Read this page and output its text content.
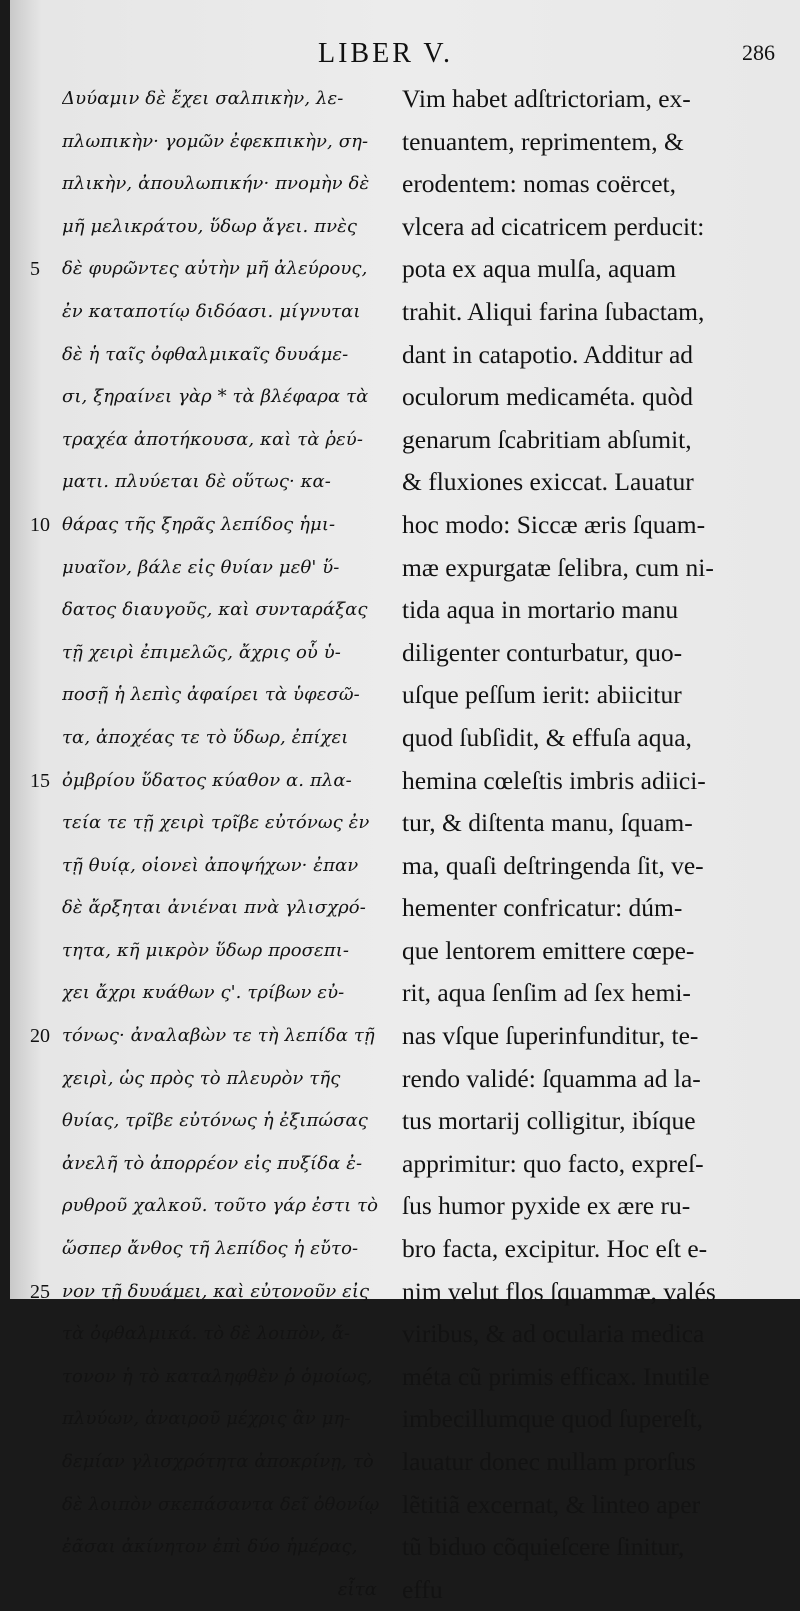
LIBER V.	286
5
10
15
20
25
Δυύαμιν δὲ ἔχει σαλπικὴν, λε-
πλωπικὴν· γομῶν ἐφεκπικὴν, ση-
πλικὴν, ἀπουλωπικήν· πνομὴν δὲ
μῆ μελικράτου, ὕδωρ ἄγει. πνὲς
δὲ φυρῶντες αὐτὴν μῆ ἀλεύρους,
ἐν καταποτίῳ διδόασι. μίγνυται
δὲ ἡ ταῖς ὀφθαλμικαῖς δυυάμε-
σι, ξηραίνει γὰρ * τὰ βλέφαρα τὰ
τραχέα ἀποτήκουσα, καὶ τὰ ῥεύ-
ματι. πλυύεται δὲ οὕτως· κα-
θάρας τῆς ξηρᾶς λεπίδος ἡμι-
μυαῖον, βάλε εἰς θυίαν μεθ' ὕ-
δατος διαυγοῦς, καὶ συνταράξας
τῇ χειρὶ ἐπιμελῶς, ἄχρις οὗ ὑ-
ποσῇ ἡ λεπὶς ἀφαίρει τὰ ὑφεσῶ-
τα, ἀποχέας τε τὸ ὕδωρ, ἐπίχει
ὀμβρίου ὕδατος κύαθον α. πλα-
τεία τε τῇ χειρὶ τρῖβε εὐτόνως ἐν
τῇ θυίᾳ, οἱονεὶ ἀποψήχων· ἐπαν
δὲ ἄρξηται ἀνιέναι πνὰ γλισχρό-
τητα, κῆ μικρὸν ὕδωρ προσεπι-
χει ἄχρι κυάθων ς'. τρίβων εὐ-
τόνως· ἀναλαβὼν τε τὴ λεπίδα τῇ
χειρὶ, ὡς πρὸς τὸ πλευρὸν τῆς
θυίας, τρῖβε εὐτόνως ἡ ἐξιπώσας
ἀνελῆ τὸ ἀπορρέον εἰς πυξίδα ἐ-
ρυθροῦ χαλκοῦ. τοῦτο γάρ ἐστι τὸ
ὥσπερ ἄνθος τῆ λεπίδος ἡ εὔτο-
νον τῇ δυυάμει, καὶ εὐτονοῦν εἰς
τὰ ὀφθαλμικά. τὸ δὲ λοιπὸν, ἄ-
τονον ἡ τὸ καταληφθὲν ῥ ὁμοίως,
πλυύων, ἀναιροῦ μέχρις ἂν μη-
δεμίαν γλισχρότητα ἀποκρίνῃ, τὸ
δὲ λοιπὸν σκεπάσαντα δεῖ ὀθονίῳ
ἐᾶσαι ἀκίνητον ἐπὶ δύο ἡμέρας,
εἶτα
Vim habet adſtrictoriam, ex-
tenuantem, reprimentem, &
erodentem: nomas coërcet,
vlcera ad cicatricem perducit:
pota ex aqua mulſa, aquam
trahit. Aliqui farina ſubactam,
dant in catapotio. Additur ad
oculorum medicaméta. quòd
genarum ſcabritiam abſumit,
& fluxiones exiccat. Lauatur
hoc modo: Siccæ æris ſquam-
mæ expurgatæ ſelibra, cum ni-
tida aqua in mortario manu
diligenter conturbatur, quo-
uſque peſſum ierit: abiicitur
quod ſubſidit, & effuſa aqua,
hemina cœleſtis imbris adiici-
tur, & diſtenta manu, ſquam-
ma, quaſi deſtringenda ſit, ve-
hementer confricatur: dúm-
que lentorem emittere cœpe-
rit, aqua ſenſim ad ſex hemi-
nas vſque ſuperinfunditur, te-
rendo validé: ſquamma ad la-
tus mortarij colligitur, ibíque
apprimitur: quo facto, expreſ-
ſus humor pyxide ex ære ru-
bro facta, excipitur. Hoc eſt e-
nim velut flos ſquammæ, valés
viribus, & ad ocularia medica
méta cũ primis efficax. Inutile
imbecillumque quod ſupereſt,
lauatur donec nullam prorſus
lẽtitiã excernat, & linteo aper
tũ biduo cõquieſcere ſinitur,
effu
